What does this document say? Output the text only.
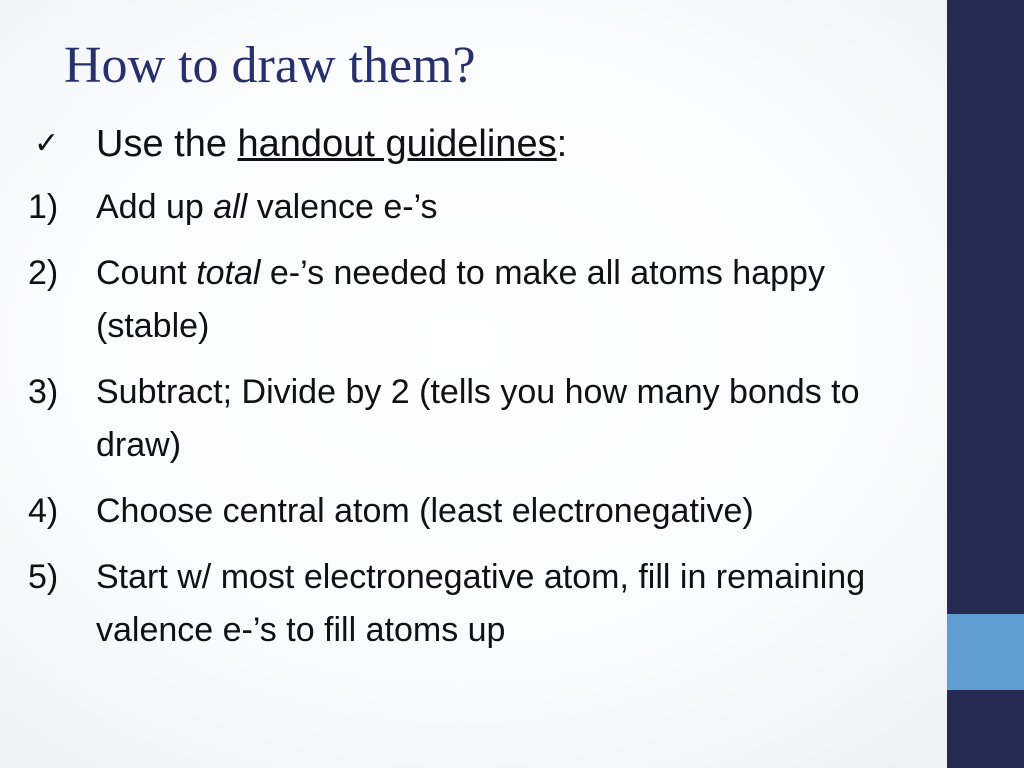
How to draw them?
✓ Use the handout guidelines:
1)	Add up all valence e-’s
2)	Count total e-’s needed to make all atoms happy (stable)
3)	Subtract; Divide by 2 (tells you how many bonds to draw)
4)	Choose central atom (least electronegative)
5)	Start w/ most electronegative atom, fill in remaining valence e-’s to fill atoms up
